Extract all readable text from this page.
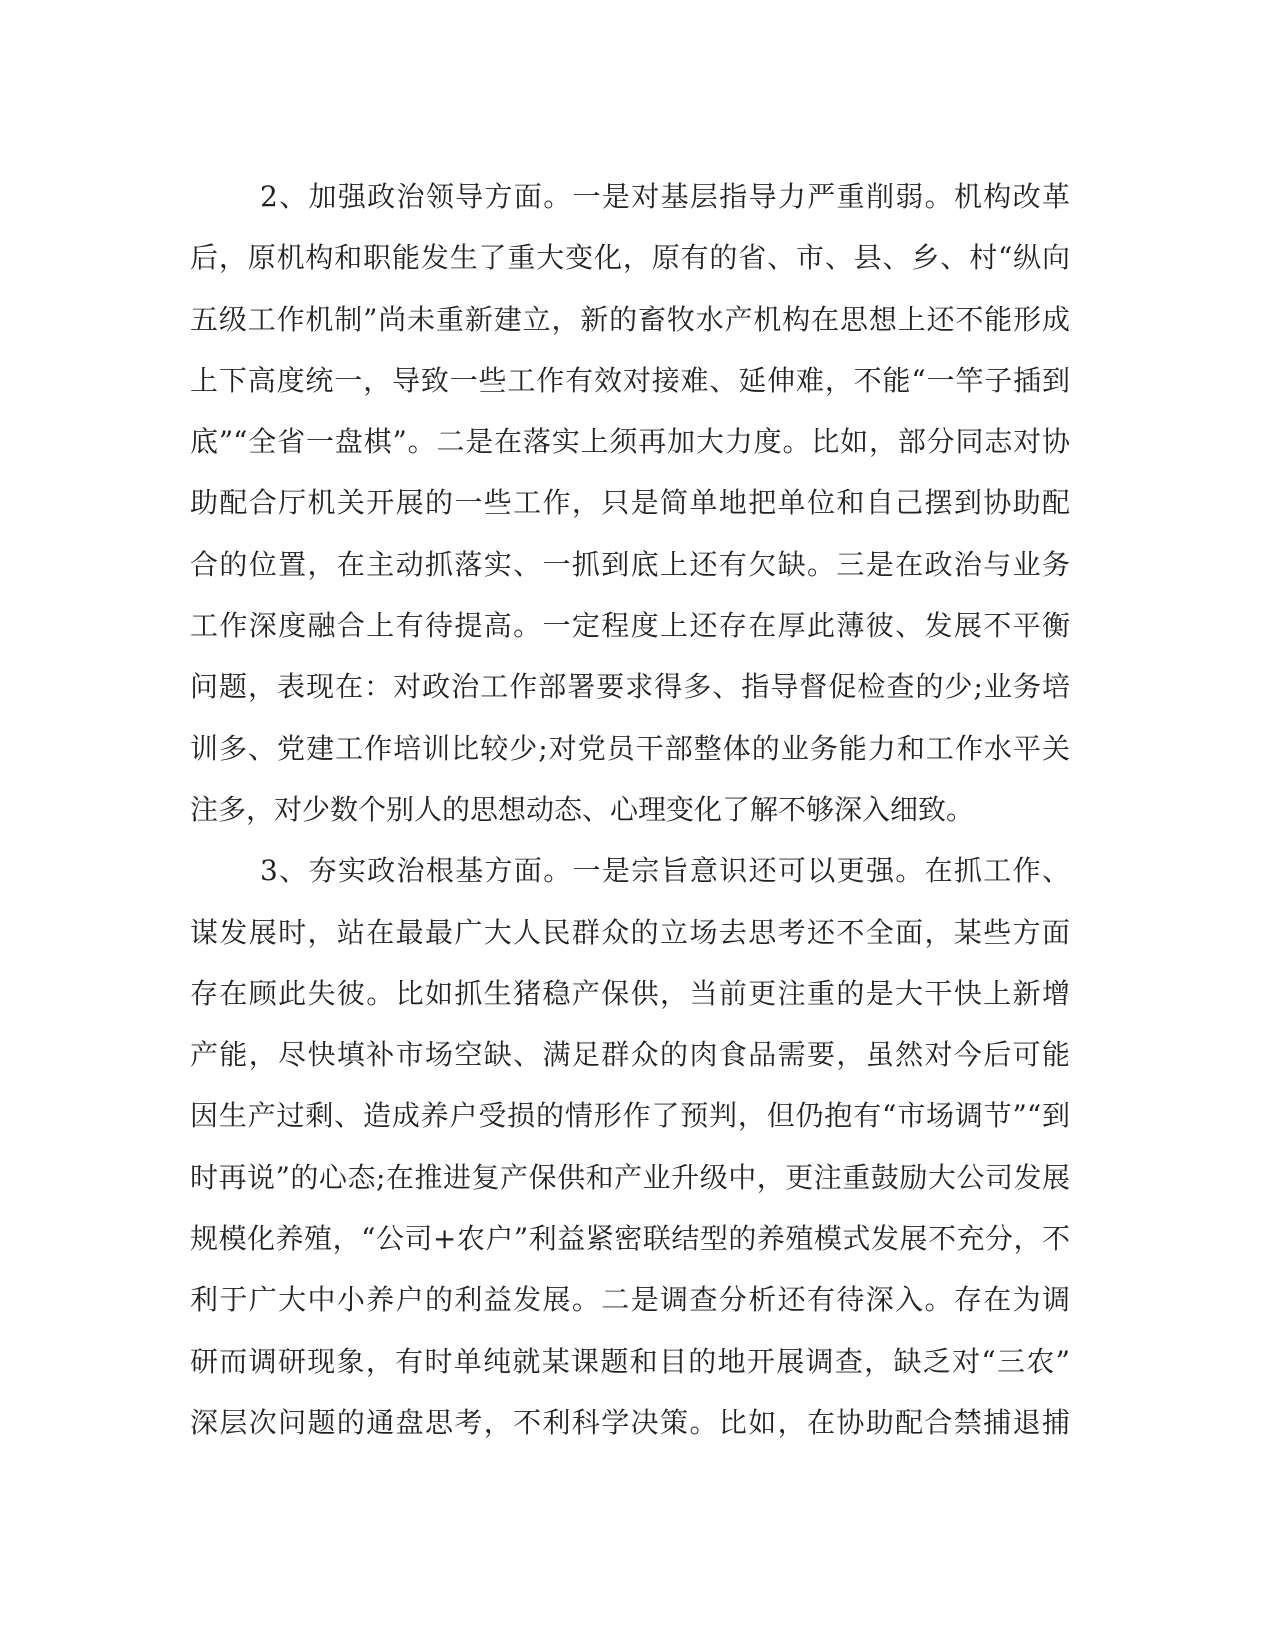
2、加强政治领导方面。一是对基层指导力严重削弱。机构改革
后，原机构和职能发生了重大变化，原有的省、市、县、乡、村“纵向
五级工作机制”尚未重新建立，新的畜牧水产机构在思想上还不能形成
上下高度统一，导致一些工作有效对接难、延伸难，不能“一竿子插到
底”“全省一盘棋”。二是在落实上须再加大力度。比如，部分同志对协
助配合厅机关开展的一些工作，只是简单地把单位和自己摆到协助配
合的位置，在主动抓落实、一抓到底上还有欠缺。三是在政治与业务
工作深度融合上有待提高。一定程度上还存在厚此薄彼、发展不平衡
问题，表现在：对政治工作部署要求得多、指导督促检查的少;业务培
训多、党建工作培训比较少;对党员干部整体的业务能力和工作水平关
注多，对少数个别人的思想动态、心理变化了解不够深入细致。
3、夯实政治根基方面。一是宗旨意识还可以更强。在抓工作、
谋发展时，站在最最广大人民群众的立场去思考还不全面，某些方面
存在顾此失彼。比如抓生猪稳产保供，当前更注重的是大干快上新增
产能，尽快填补市场空缺、满足群众的肉食品需要，虽然对今后可能
因生产过剩、造成养户受损的情形作了预判，但仍抱有“市场调节”“到
时再说”的心态;在推进复产保供和产业升级中，更注重鼓励大公司发展
规模化养殖，“公司+农户”利益紧密联结型的养殖模式发展不充分，不
利于广大中小养户的利益发展。二是调查分析还有待深入。存在为调
研而调研现象，有时单纯就某课题和目的地开展调查，缺乏对“三农”
深层次问题的通盘思考，不利科学决策。比如，在协助配合禁捕退捕
